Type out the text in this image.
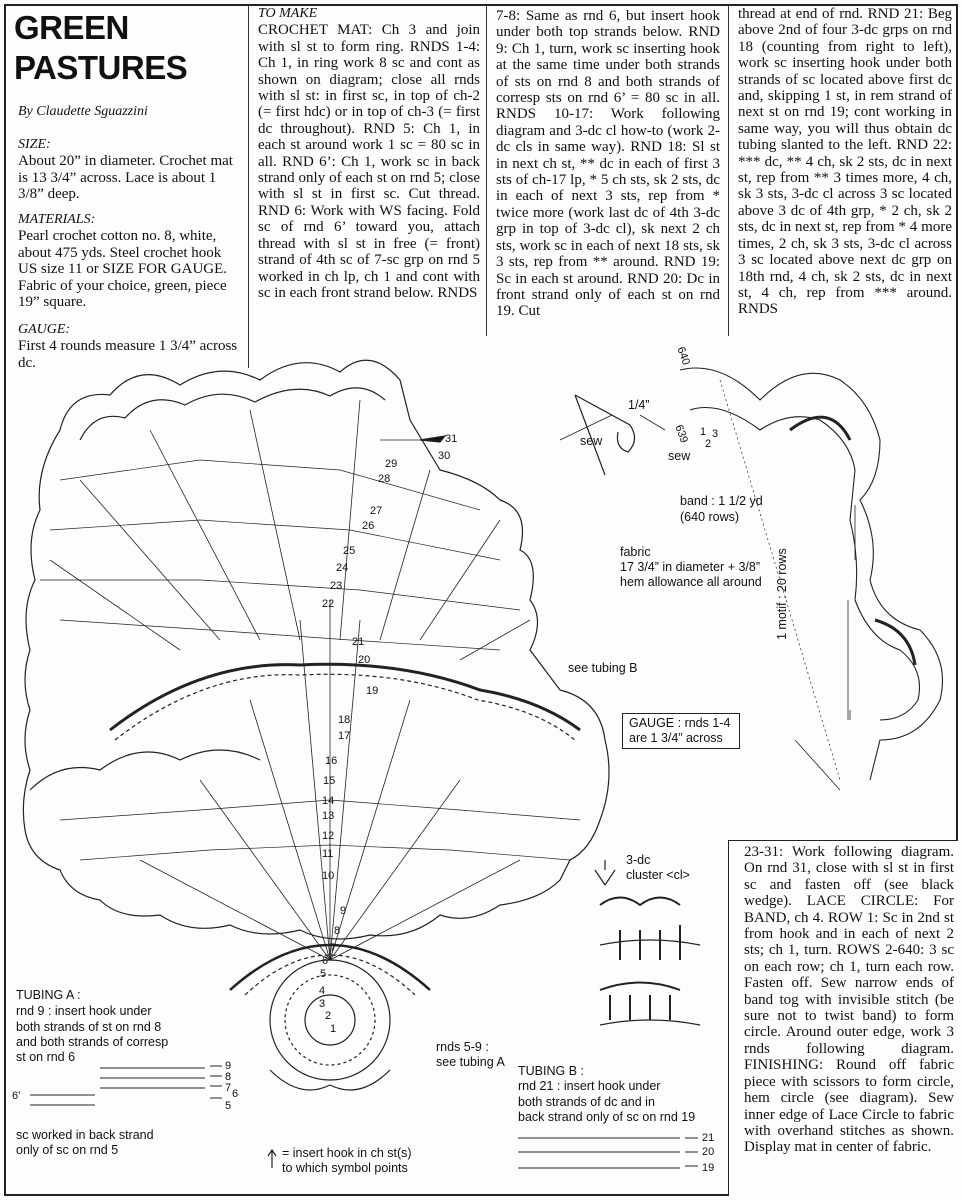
GREEN
PASTURES
By Claudette Sguazzini
SIZE:
About 20” in diameter. Crochet mat is 13 3/4” across. Lace is about 1 3/8” deep.
MATERIALS:
Pearl crochet cotton no. 8, white, about 475 yds. Steel crochet hook US size 11 or SIZE FOR GAUGE. Fabric of your choice, green, piece 19” square.
GAUGE:
First 4 rounds measure 1 3/4” across dc.
TO MAKE
CROCHET MAT: Ch 3 and join with sl st to form ring. RNDS 1-4: Ch 1, in ring work 8 sc and cont as shown on diagram; close all rnds with sl st: in first sc, in top of ch-2 (= first hdc) or in top of ch-3 (= first dc throughout). RND 5: Ch 1, in each st around work 1 sc = 80 sc in all. RND 6’: Ch 1, work sc in back strand only of each st on rnd 5; close with sl st in first sc. Cut thread. RND 6: Work with WS facing. Fold sc of rnd 6’ toward you, attach thread with sl st in free (= front) strand of 4th sc of 7-sc grp on rnd 5 worked in ch lp, ch 1 and cont with sc in each front strand below. RNDS
7-8: Same as rnd 6, but insert hook under both top strands below. RND 9: Ch 1, turn, work sc inserting hook at the same time under both strands of sts on rnd 8 and both strands of corresp sts on rnd 6’ = 80 sc in all. RNDS 10-17: Work following diagram and 3-dc cl how-to (work 2-dc cls in same way). RND 18: Sl st in next ch st, ** dc in each of first 3 sts of ch-17 lp, * 5 ch sts, sk 2 sts, dc in each of next 3 sts, rep from * twice more (work last dc of 4th 3-dc grp in top of 3-dc cl), sk next 2 ch sts, work sc in each of next 18 sts, sk 3 sts, rep from ** around. RND 19: Sc in each st around. RND 20: Dc in front strand only of each st on rnd 19. Cut
thread at end of rnd. RND 21: Beg above 2nd of four 3-dc grps on rnd 18 (counting from right to left), work sc inserting hook under both strands of sc located above first dc and, skipping 1 st, in rem strand of next st on rnd 19; cont working in same way, you will thus obtain dc tubing slanted to the left. RND 22: *** dc, ** 4 ch, sk 2 sts, dc in next st, rep from ** 3 times more, 4 ch, sk 3 sts, 3-dc cl across 3 sc located above 3 dc of 4th grp, * 2 ch, sk 2 sts, dc in next st, rep from * 4 more times, 2 ch, sk 3 sts, 3-dc cl across 3 sc located above next dc grp on 18th rnd, 4 ch, sk 2 sts, dc in next st, 4 ch, rep from *** around. RNDS
31
30
29
28
27
26
25
24
23
22
21
20
19
18
17
16
15
14
13
12
11
10
9
8
7
6
5
4
3
2
1
1/4”
sew
sew
640
639 1
2
3
band : 1 1/2 yd
(640 rows)
fabric
17 3/4” in diameter + 3/8”
hem allowance all around 1 motif : 20 rows
see tubing B
GAUGE : rnds 1-4
are 1 3/4” across
3-dc
cluster <cl>
rnds 5-9 :
see tubing A
TUBING A :
rnd 9 : insert hook under
both strands of st on rnd 8
and both strands of corresp
st on rnd 6
9
8
7 6
5
6’
sc worked in back strand
only of sc on rnd 5	= insert hook in ch st(s)
to which symbol points
TUBING B :
rnd 21 : insert hook under
both strands of dc and in
back strand only of sc on rnd 19
21
20
19
23-31: Work following diagram. On rnd 31, close with sl st in first sc and fasten off (see black wedge). LACE CIRCLE: For BAND, ch 4. ROW 1: Sc in 2nd st from hook and in each of next 2 sts; ch 1, turn. ROWS 2-640: 3 sc on each row; ch 1, turn each row. Fasten off. Sew narrow ends of band tog with invisible stitch (be sure not to twist band) to form circle. Around outer edge, work 3 rnds following diagram. FINISHING: Round off fabric piece with scissors to form circle, hem circle (see diagram). Sew inner edge of Lace Circle to fabric with overhand stitches as shown. Display mat in center of fabric.
